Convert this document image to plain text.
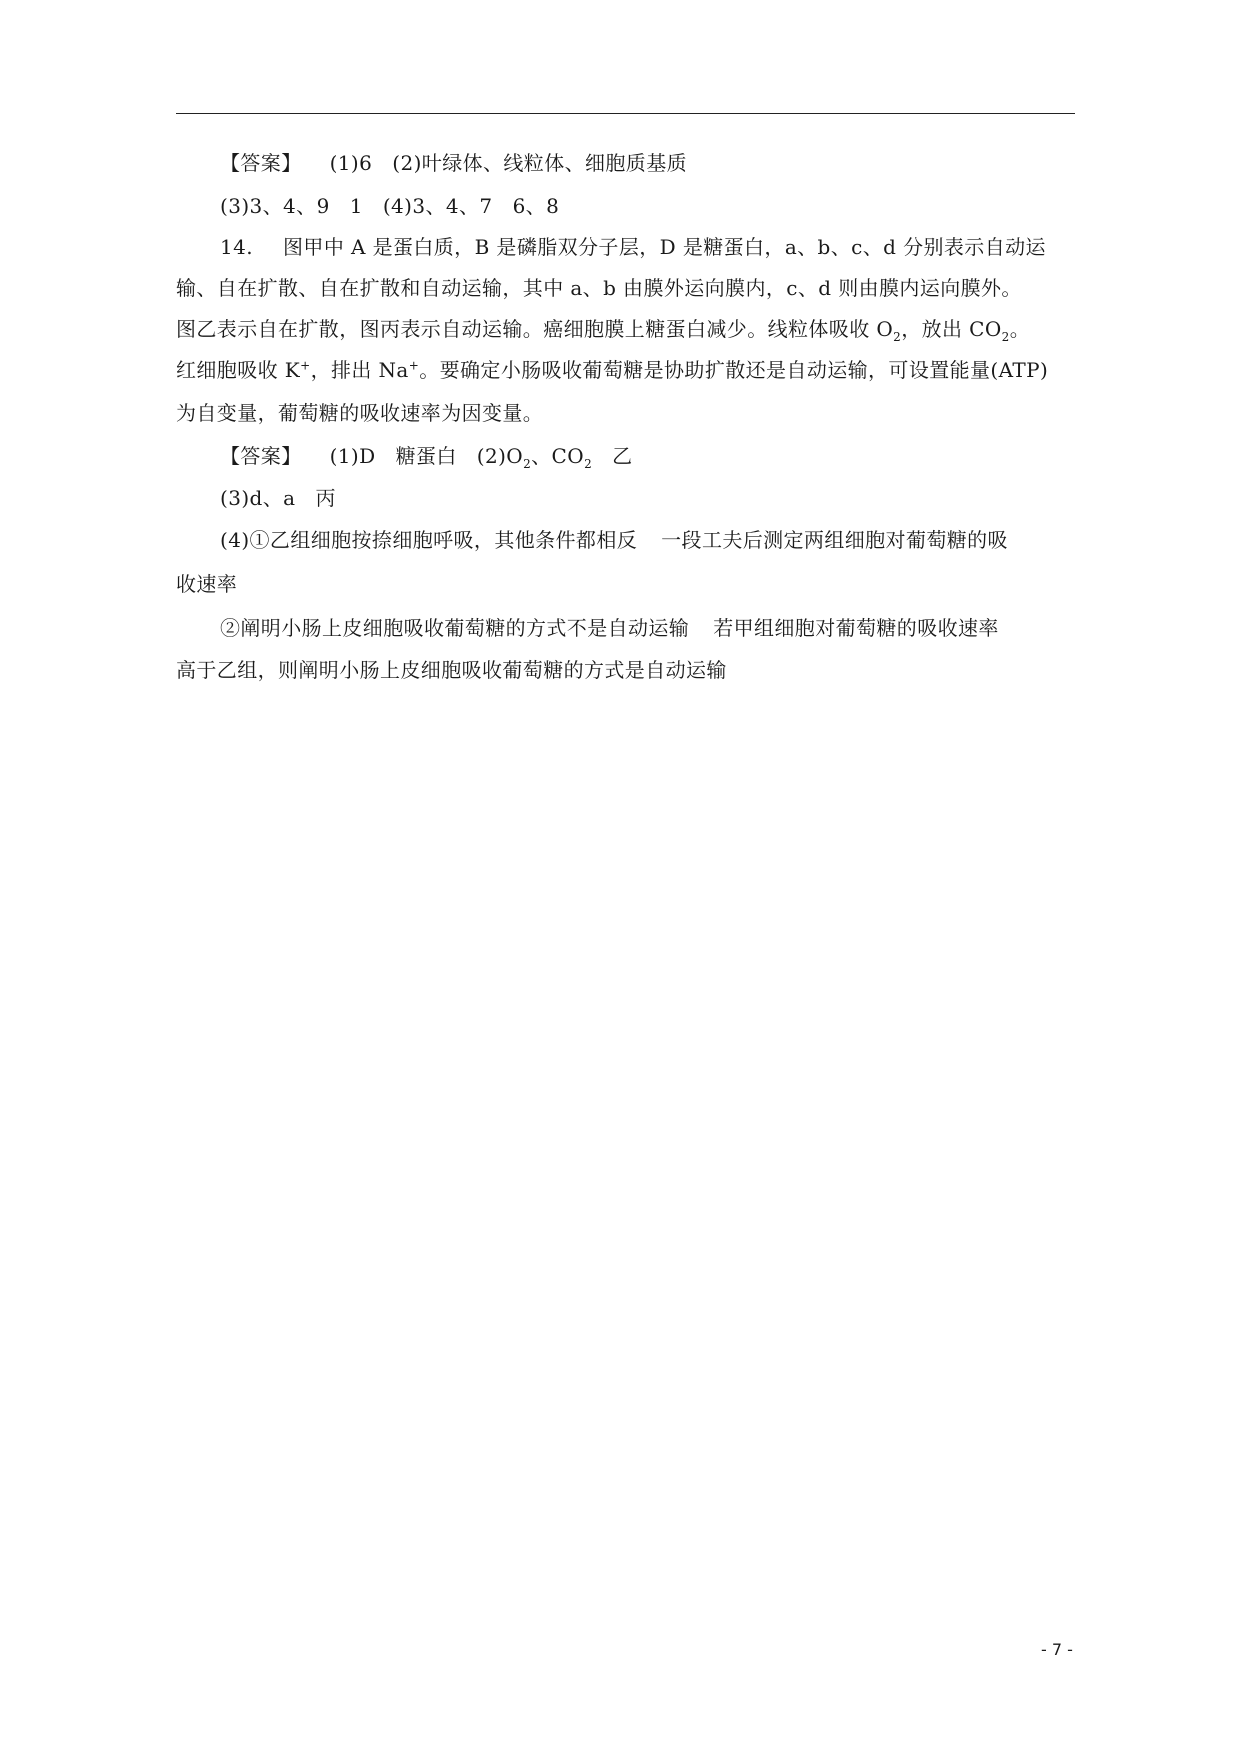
【答案】 (1)6 (2)叶绿体、线粒体、细胞质基质
(3)3、4、9 1 (4)3、4、7 6、8
14. 图甲中 A 是蛋白质，B 是磷脂双分子层，D 是糖蛋白，a、b、c、d 分别表示自动运
输、自在扩散、自在扩散和自动运输，其中 a、b 由膜外运向膜内，c、d 则由膜内运向膜外。
图乙表示自在扩散，图丙表示自动运输。癌细胞膜上糖蛋白减少。线粒体吸收 $O_2$，放出 $CO_2$。
红细胞吸收 K+，排出 Na+。要确定小肠吸收葡萄糖是协助扩散还是自动运输，可设置能量(ATP)
为自变量，葡萄糖的吸收速率为因变量。
【答案】 (1)D 糖蛋白 $(2)O_2$、$CO_2$ 乙
(3)d、a 丙
(4)①乙组细胞按捺细胞呼吸，其他条件都相反 一段工夫后测定两组细胞对葡萄糖的吸
收速率
②阐明小肠上皮细胞吸收葡萄糖的方式不是自动运输 若甲组细胞对葡萄糖的吸收速率
高于乙组，则阐明小肠上皮细胞吸收葡萄糖的方式是自动运输
- 7 -
